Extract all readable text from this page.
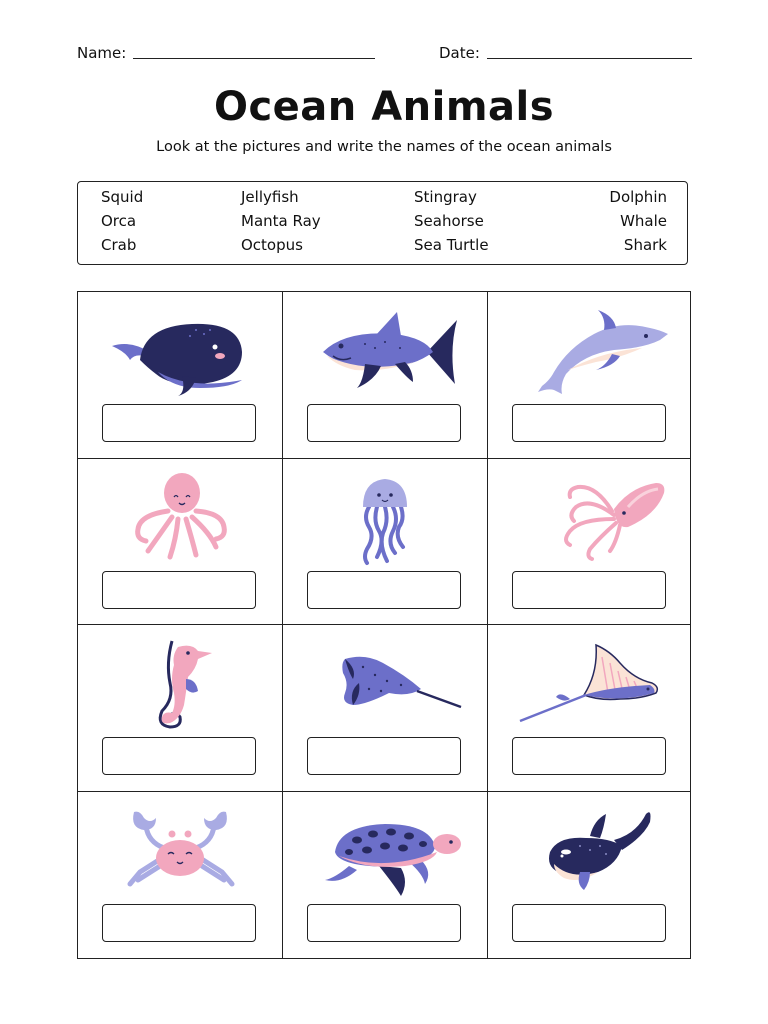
Name:	Date:
Ocean Animals
Look at the pictures and write the names of the ocean animals
Squid	Jellyfish	Stingray	Dolphin
Orca	Manta Ray	Seahorse	Whale
Crab	Octopus	Sea Turtle	Shark
